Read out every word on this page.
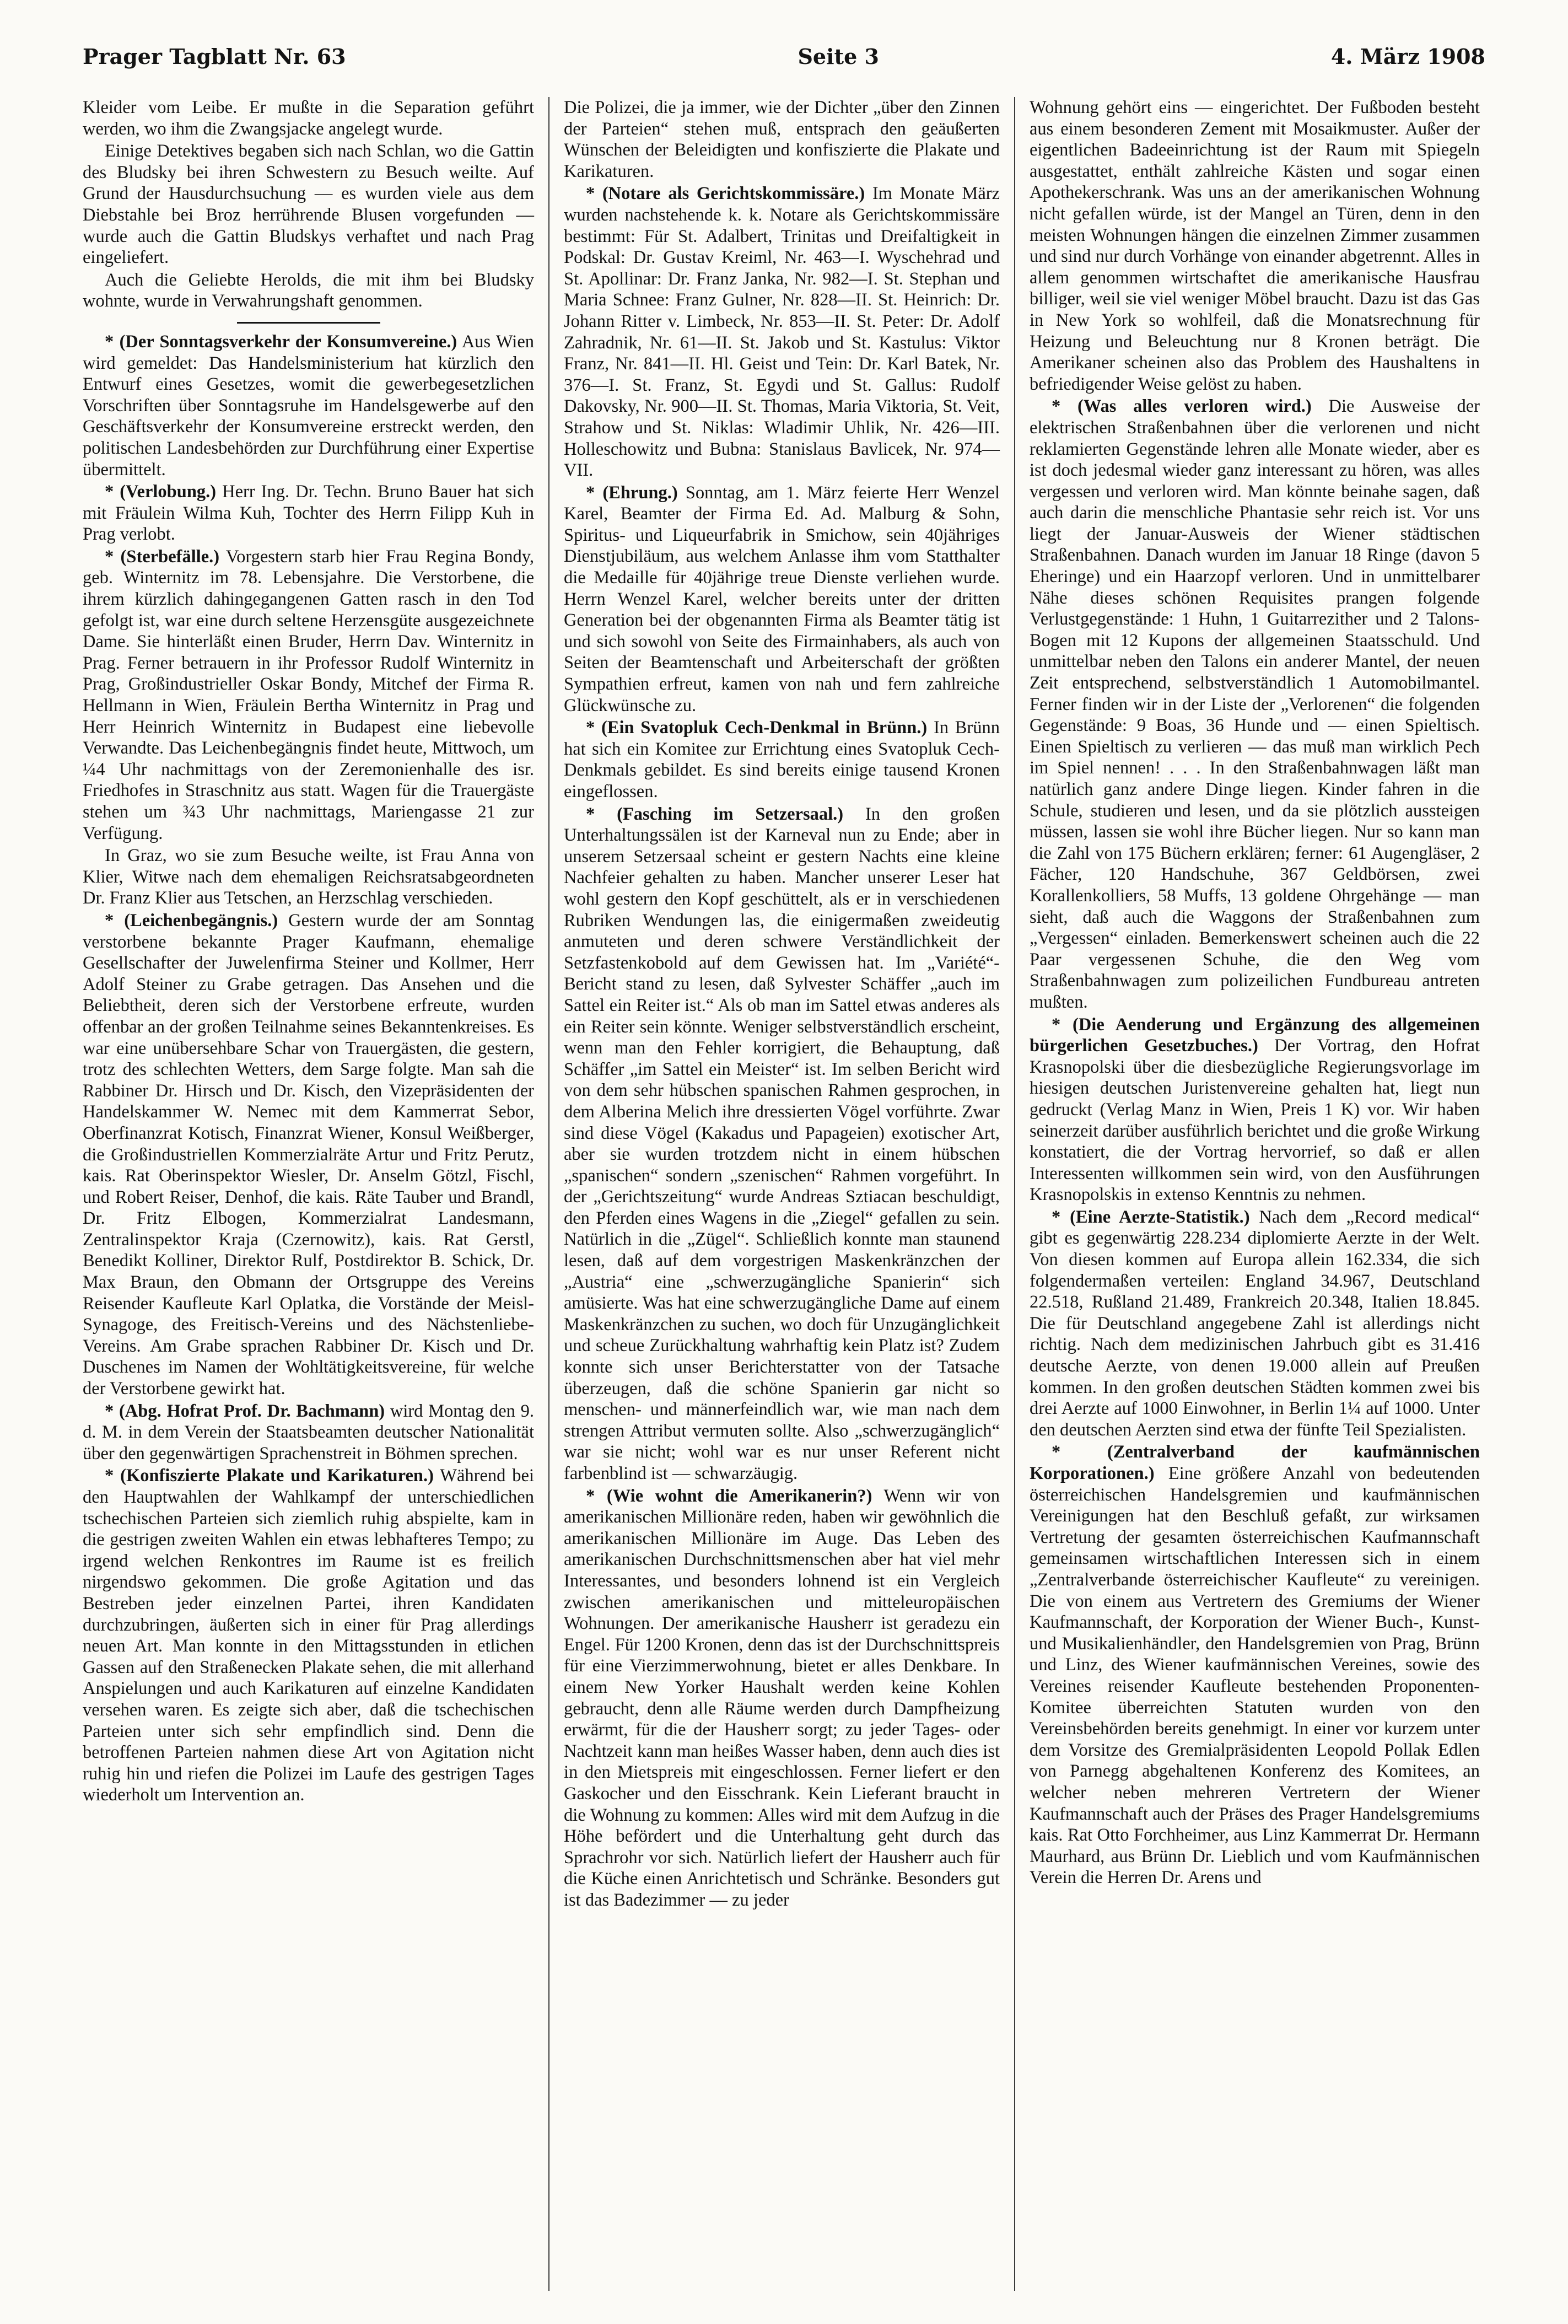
Prager Tagblatt Nr. 63	Seite 3	4. März 1908

Kleider vom Leibe. Er mußte in die Separation geführt werden, wo ihm die Zwangsjacke angelegt wurde.

Einige Detektives begaben sich nach Schlan, wo die Gattin des Bludsky bei ihren Schwestern zu Besuch weilte. Auf Grund der Hausdurchsuchung — es wurden viele aus dem Diebstahle bei Broz herrührende Blusen vorgefunden — wurde auch die Gattin Bludskys verhaftet und nach Prag eingeliefert.

Auch die Geliebte Herolds, die mit ihm bei Bludsky wohnte, wurde in Verwahrungshaft genommen.

* (Der Sonntagsverkehr der Konsumvereine.) Aus Wien wird gemeldet: Das Handelsministerium hat kürzlich den Entwurf eines Gesetzes, womit die gewerbegesetzlichen Vorschriften über Sonntagsruhe im Handelsgewerbe auf den Geschäftsverkehr der Konsumvereine erstreckt werden, den politischen Landesbehörden zur Durchführung einer Expertise übermittelt.

* (Verlobung.) Herr Ing. Dr. Techn. Bruno Bauer hat sich mit Fräulein Wilma Kuh, Tochter des Herrn Filipp Kuh in Prag verlobt.

* (Sterbefälle.) Vorgestern starb hier Frau Regina Bondy, geb. Winternitz im 78. Lebensjahre. Die Verstorbene, die ihrem kürzlich dahingegangenen Gatten rasch in den Tod gefolgt ist, war eine durch seltene Herzensgüte ausgezeichnete Dame. Sie hinterläßt einen Bruder, Herrn Dav. Winternitz in Prag. Ferner betrauern in ihr Professor Rudolf Winternitz in Prag, Großindustrieller Oskar Bondy, Mitchef der Firma R. Hellmann in Wien, Fräulein Bertha Winternitz in Prag und Herr Heinrich Winternitz in Budapest eine liebevolle Verwandte. Das Leichenbegängnis findet heute, Mittwoch, um ¼4 Uhr nachmittags von der Zeremonienhalle des isr. Friedhofes in Straschnitz aus statt. Wagen für die Trauergäste stehen um ¾3 Uhr nachmittags, Mariengasse 21 zur Verfügung.

In Graz, wo sie zum Besuche weilte, ist Frau Anna von Klier, Witwe nach dem ehemaligen Reichsratsabgeordneten Dr. Franz Klier aus Tetschen, an Herzschlag verschieden.

* (Leichenbegängnis.) Gestern wurde der am Sonntag verstorbene bekannte Prager Kaufmann, ehemalige Gesellschafter der Juwelenfirma Steiner und Kollmer, Herr Adolf Steiner zu Grabe getragen. Das Ansehen und die Beliebtheit, deren sich der Verstorbene erfreute, wurden offenbar an der großen Teilnahme seines Bekanntenkreises. Es war eine unübersehbare Schar von Trauergästen, die gestern, trotz des schlechten Wetters, dem Sarge folgte. Man sah die Rabbiner Dr. Hirsch und Dr. Kisch, den Vizepräsidenten der Handelskammer W. Nemec mit dem Kammerrat Sebor, Oberfinanzrat Kotisch, Finanzrat Wiener, Konsul Weißberger, die Großindustriellen Kommerzialräte Artur und Fritz Perutz, kais. Rat Oberinspektor Wiesler, Dr. Anselm Götzl, Fischl, und Robert Reiser, Denhof, die kais. Räte Tauber und Brandl, Dr. Fritz Elbogen, Kommerzialrat Landesmann, Zentralinspektor Kraja (Czernowitz), kais. Rat Gerstl, Benedikt Kolliner, Direktor Rulf, Postdirektor B. Schick, Dr. Max Braun, den Obmann der Ortsgruppe des Vereins Reisender Kaufleute Karl Oplatka, die Vorstände der Meisl-Synagoge, des Freitisch-Vereins und des Nächstenliebe-Vereins. Am Grabe sprachen Rabbiner Dr. Kisch und Dr. Duschenes im Namen der Wohltätigkeitsvereine, für welche der Verstorbene gewirkt hat.

* (Abg. Hofrat Prof. Dr. Bachmann) wird Montag den 9. d. M. in dem Verein der Staatsbeamten deutscher Nationalität über den gegenwärtigen Sprachenstreit in Böhmen sprechen.

* (Konfiszierte Plakate und Karikaturen.) Während bei den Hauptwahlen der Wahlkampf der unterschiedlichen tschechischen Parteien sich ziemlich ruhig abspielte, kam in die gestrigen zweiten Wahlen ein etwas lebhafteres Tempo; zu irgend welchen Renkontres im Raume ist es freilich nirgendswo gekommen. Die große Agitation und das Bestreben jeder einzelnen Partei, ihren Kandidaten durchzubringen, äußerten sich in einer für Prag allerdings neuen Art. Man konnte in den Mittagsstunden in etlichen Gassen auf den Straßenecken Plakate sehen, die mit allerhand Anspielungen und auch Karikaturen auf einzelne Kandidaten versehen waren. Es zeigte sich aber, daß die tschechischen Parteien unter sich sehr empfindlich sind. Denn die betroffenen Parteien nahmen diese Art von Agitation nicht ruhig hin und riefen die Polizei im Laufe des gestrigen Tages wiederholt um Intervention an.

Die Polizei, die ja immer, wie der Dichter „über den Zinnen der Parteien“ stehen muß, entsprach den geäußerten Wünschen der Beleidigten und konfiszierte die Plakate und Karikaturen.

* (Notare als Gerichtskommissäre.) Im Monate März wurden nachstehende k. k. Notare als Gerichtskommissäre bestimmt: Für St. Adalbert, Trinitas und Dreifaltigkeit in Podskal: Dr. Gustav Kreiml, Nr. 463—I. Wyschehrad und St. Apollinar: Dr. Franz Janka, Nr. 982—I. St. Stephan und Maria Schnee: Franz Gulner, Nr. 828—II. St. Heinrich: Dr. Johann Ritter v. Limbeck, Nr. 853—II. St. Peter: Dr. Adolf Zahradnik, Nr. 61—II. St. Jakob und St. Kastulus: Viktor Franz, Nr. 841—II. Hl. Geist und Tein: Dr. Karl Batek, Nr. 376—I. St. Franz, St. Egydi und St. Gallus: Rudolf Dakovsky, Nr. 900—II. St. Thomas, Maria Viktoria, St. Veit, Strahow und St. Niklas: Wladimir Uhlik, Nr. 426—III. Holleschowitz und Bubna: Stanislaus Bavlicek, Nr. 974—VII.

* (Ehrung.) Sonntag, am 1. März feierte Herr Wenzel Karel, Beamter der Firma Ed. Ad. Malburg & Sohn, Spiritus- und Liqueurfabrik in Smichow, sein 40jähriges Dienstjubiläum, aus welchem Anlasse ihm vom Statthalter die Medaille für 40jährige treue Dienste verliehen wurde. Herrn Wenzel Karel, welcher bereits unter der dritten Generation bei der obgenannten Firma als Beamter tätig ist und sich sowohl von Seite des Firmainhabers, als auch von Seiten der Beamtenschaft und Arbeiterschaft der größten Sympathien erfreut, kamen von nah und fern zahlreiche Glückwünsche zu.

* (Ein Svatopluk Cech-Denkmal in Brünn.) In Brünn hat sich ein Komitee zur Errichtung eines Svatopluk Cech-Denkmals gebildet. Es sind bereits einige tausend Kronen eingeflossen.

* (Fasching im Setzersaal.) In den großen Unterhaltungssälen ist der Karneval nun zu Ende; aber in unserem Setzersaal scheint er gestern Nachts eine kleine Nachfeier gehalten zu haben. Mancher unserer Leser hat wohl gestern den Kopf geschüttelt, als er in verschiedenen Rubriken Wendungen las, die einigermaßen zweideutig anmuteten und deren schwere Verständlichkeit der Setzfastenkobold auf dem Gewissen hat. Im „Variété“-Bericht stand zu lesen, daß Sylvester Schäffer „auch im Sattel ein Reiter ist.“ Als ob man im Sattel etwas anderes als ein Reiter sein könnte. Weniger selbstverständlich erscheint, wenn man den Fehler korrigiert, die Behauptung, daß Schäffer „im Sattel ein Meister“ ist. Im selben Bericht wird von dem sehr hübschen spanischen Rahmen gesprochen, in dem Alberina Melich ihre dressierten Vögel vorführte. Zwar sind diese Vögel (Kakadus und Papageien) exotischer Art, aber sie wurden trotzdem nicht in einem hübschen „spanischen“ sondern „szenischen“ Rahmen vorgeführt. In der „Gerichtszeitung“ wurde Andreas Sztiacan beschuldigt, den Pferden eines Wagens in die „Ziegel“ gefallen zu sein. Natürlich in die „Zügel“. Schließlich konnte man staunend lesen, daß auf dem vorgestrigen Maskenkränzchen der „Austria“ eine „schwerzugängliche Spanierin“ sich amüsierte. Was hat eine schwerzugängliche Dame auf einem Maskenkränzchen zu suchen, wo doch für Unzugänglichkeit und scheue Zurückhaltung wahrhaftig kein Platz ist? Zudem konnte sich unser Berichterstatter von der Tatsache überzeugen, daß die schöne Spanierin gar nicht so menschen- und männerfeindlich war, wie man nach dem strengen Attribut vermuten sollte. Also „schwerzugänglich“ war sie nicht; wohl war es nur unser Referent nicht farbenblind ist — schwarzäugig.

* (Wie wohnt die Amerikanerin?) Wenn wir von amerikanischen Millionäre reden, haben wir gewöhnlich die amerikanischen Millionäre im Auge. Das Leben des amerikanischen Durchschnittsmenschen aber hat viel mehr Interessantes, und besonders lohnend ist ein Vergleich zwischen amerikanischen und mitteleuropäischen Wohnungen. Der amerikanische Hausherr ist geradezu ein Engel. Für 1200 Kronen, denn das ist der Durchschnittspreis für eine Vierzimmerwohnung, bietet er alles Denkbare. In einem New Yorker Haushalt werden keine Kohlen gebraucht, denn alle Räume werden durch Dampfheizung erwärmt, für die der Hausherr sorgt; zu jeder Tages- oder Nachtzeit kann man heißes Wasser haben, denn auch dies ist in den Mietspreis mit eingeschlossen. Ferner liefert er den Gaskocher und den Eisschrank. Kein Lieferant braucht in die Wohnung zu kommen: Alles wird mit dem Aufzug in die Höhe befördert und die Unterhaltung geht durch das Sprachrohr vor sich. Natürlich liefert der Hausherr auch für die Küche einen Anrichtetisch und Schränke. Besonders gut ist das Badezimmer — zu jeder

Wohnung gehört eins — eingerichtet. Der Fußboden besteht aus einem besonderen Zement mit Mosaikmuster. Außer der eigentlichen Badeeinrichtung ist der Raum mit Spiegeln ausgestattet, enthält zahlreiche Kästen und sogar einen Apothekerschrank. Was uns an der amerikanischen Wohnung nicht gefallen würde, ist der Mangel an Türen, denn in den meisten Wohnungen hängen die einzelnen Zimmer zusammen und sind nur durch Vorhänge von einander abgetrennt. Alles in allem genommen wirtschaftet die amerikanische Hausfrau billiger, weil sie viel weniger Möbel braucht. Dazu ist das Gas in New York so wohlfeil, daß die Monatsrechnung für Heizung und Beleuchtung nur 8 Kronen beträgt. Die Amerikaner scheinen also das Problem des Haushaltens in befriedigender Weise gelöst zu haben.

* (Was alles verloren wird.) Die Ausweise der elektrischen Straßenbahnen über die verlorenen und nicht reklamierten Gegenstände lehren alle Monate wieder, aber es ist doch jedesmal wieder ganz interessant zu hören, was alles vergessen und verloren wird. Man könnte beinahe sagen, daß auch darin die menschliche Phantasie sehr reich ist. Vor uns liegt der Januar-Ausweis der Wiener städtischen Straßenbahnen. Danach wurden im Januar 18 Ringe (davon 5 Eheringe) und ein Haarzopf verloren. Und in unmittelbarer Nähe dieses schönen Requisites prangen folgende Verlustgegenstände: 1 Huhn, 1 Guitarrezither und 2 Talons-Bogen mit 12 Kupons der allgemeinen Staatsschuld. Und unmittelbar neben den Talons ein anderer Mantel, der neuen Zeit entsprechend, selbstverständlich 1 Automobilmantel. Ferner finden wir in der Liste der „Verlorenen“ die folgenden Gegenstände: 9 Boas, 36 Hunde und — einen Spieltisch. Einen Spieltisch zu verlieren — das muß man wirklich Pech im Spiel nennen! . . . In den Straßenbahnwagen läßt man natürlich ganz andere Dinge liegen. Kinder fahren in die Schule, studieren und lesen, und da sie plötzlich aussteigen müssen, lassen sie wohl ihre Bücher liegen. Nur so kann man die Zahl von 175 Büchern erklären; ferner: 61 Augengläser, 2 Fächer, 120 Handschuhe, 367 Geldbörsen, zwei Korallenkolliers, 58 Muffs, 13 goldene Ohrgehänge — man sieht, daß auch die Waggons der Straßenbahnen zum „Vergessen“ einladen. Bemerkenswert scheinen auch die 22 Paar vergessenen Schuhe, die den Weg vom Straßenbahnwagen zum polizeilichen Fundbureau antreten mußten.

* (Die Aenderung und Ergänzung des allgemeinen bürgerlichen Gesetzbuches.) Der Vortrag, den Hofrat Krasnopolski über die diesbezügliche Regierungsvorlage im hiesigen deutschen Juristenvereine gehalten hat, liegt nun gedruckt (Verlag Manz in Wien, Preis 1 K) vor. Wir haben seinerzeit darüber ausführlich berichtet und die große Wirkung konstatiert, die der Vortrag hervorrief, so daß er allen Interessenten willkommen sein wird, von den Ausführungen Krasnopolskis in extenso Kenntnis zu nehmen.

* (Eine Aerzte-Statistik.) Nach dem „Record medical“ gibt es gegenwärtig 228.234 diplomierte Aerzte in der Welt. Von diesen kommen auf Europa allein 162.334, die sich folgendermaßen verteilen: England 34.967, Deutschland 22.518, Rußland 21.489, Frankreich 20.348, Italien 18.845. Die für Deutschland angegebene Zahl ist allerdings nicht richtig. Nach dem medizinischen Jahrbuch gibt es 31.416 deutsche Aerzte, von denen 19.000 allein auf Preußen kommen. In den großen deutschen Städten kommen zwei bis drei Aerzte auf 1000 Einwohner, in Berlin 1¼ auf 1000. Unter den deutschen Aerzten sind etwa der fünfte Teil Spezialisten.

* (Zentralverband der kaufmännischen Korporationen.) Eine größere Anzahl von bedeutenden österreichischen Handelsgremien und kaufmännischen Vereinigungen hat den Beschluß gefaßt, zur wirksamen Vertretung der gesamten österreichischen Kaufmannschaft gemeinsamen wirtschaftlichen Interessen sich in einem „Zentralverbande österreichischer Kaufleute“ zu vereinigen. Die von einem aus Vertretern des Gremiums der Wiener Kaufmannschaft, der Korporation der Wiener Buch-, Kunst- und Musikalienhändler, den Handelsgremien von Prag, Brünn und Linz, des Wiener kaufmännischen Vereines, sowie des Vereines reisender Kaufleute bestehenden Proponenten-Komitee überreichten Statuten wurden von den Vereinsbehörden bereits genehmigt. In einer vor kurzem unter dem Vorsitze des Gremialpräsidenten Leopold Pollak Edlen von Parnegg abgehaltenen Konferenz des Komitees, an welcher neben mehreren Vertretern der Wiener Kaufmannschaft auch der Präses des Prager Handelsgremiums kais. Rat Otto Forchheimer, aus Linz Kammerrat Dr. Hermann Maurhard, aus Brünn Dr. Lieblich und vom Kaufmännischen Verein die Herren Dr. Arens und
